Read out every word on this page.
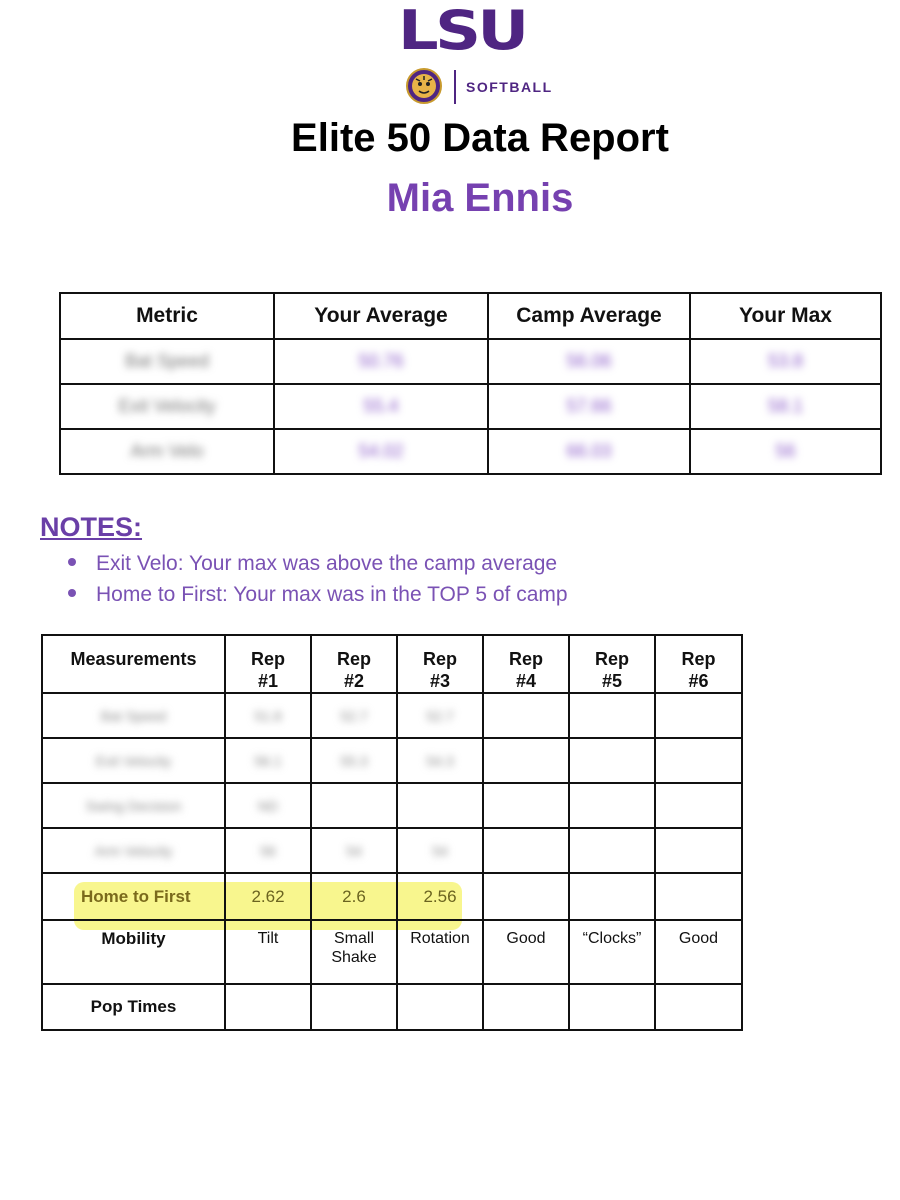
LSU
SOFTBALL
Elite 50 Data Report
Mia Ennis
Metric	Your Average	Camp Average	Your Max
Bat Speed	50.76	56.06	53.8
Exit Velocity	55.4	57.66	58.1
Arm Velo	54.02	66.03	56
NOTES:
Exit Velo: Your max was above the camp average
Home to First: Your max was in the TOP 5 of camp
Measurements	Rep #1	Rep #2	Rep #3	Rep #4	Rep #5	Rep #6
Bat Speed	51.8	52.7	52.7			
Exit Velocity	56.1	55.3	54.3			
Swing Decision	ND					
Arm Velocity	56	54	54			
Home to First	2.62	2.6	2.56			
Mobility	Tilt	Small Shake	Rotation	Good	“Clocks”	Good
Pop Times						
